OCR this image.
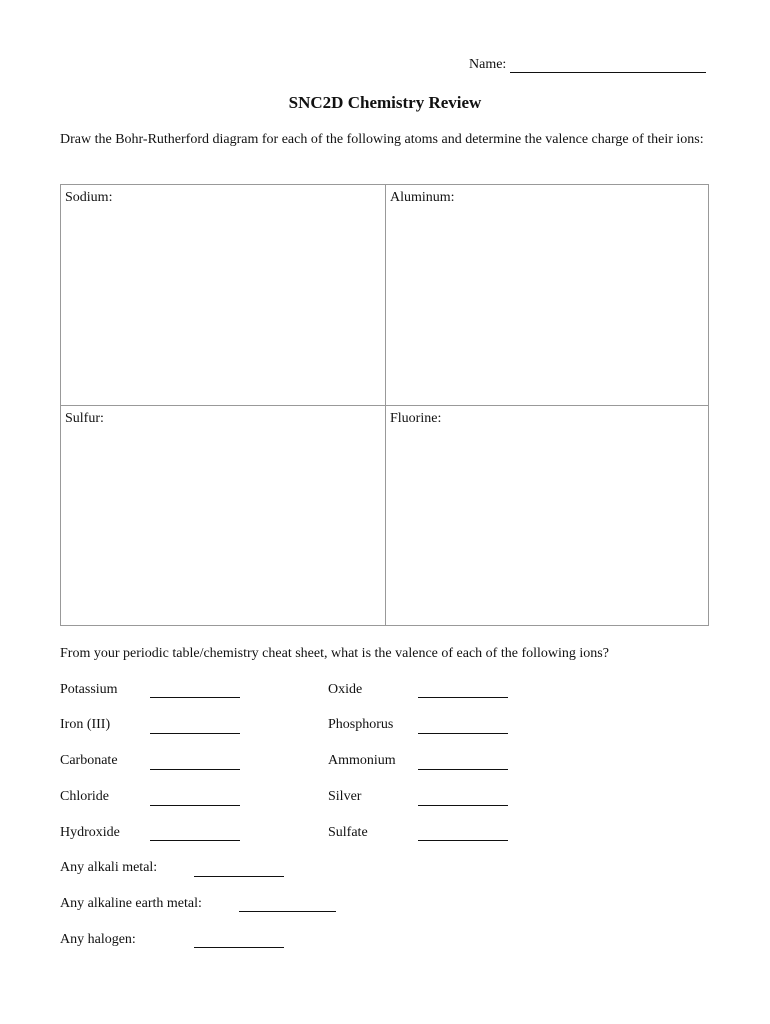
Name:
SNC2D Chemistry Review
Draw the Bohr-Rutherford diagram for each of the following atoms and determine the valence charge of their ions:
Sodium:	Aluminum:
Sulfur:	Fluorine:
From your periodic table/chemistry cheat sheet, what is the valence of each of the following ions?
Potassium
Iron (III)
Carbonate
Chloride
Hydroxide
Oxide
Phosphorus
Ammonium
Silver
Sulfate
Any alkali metal:
Any alkaline earth metal:
Any halogen:
